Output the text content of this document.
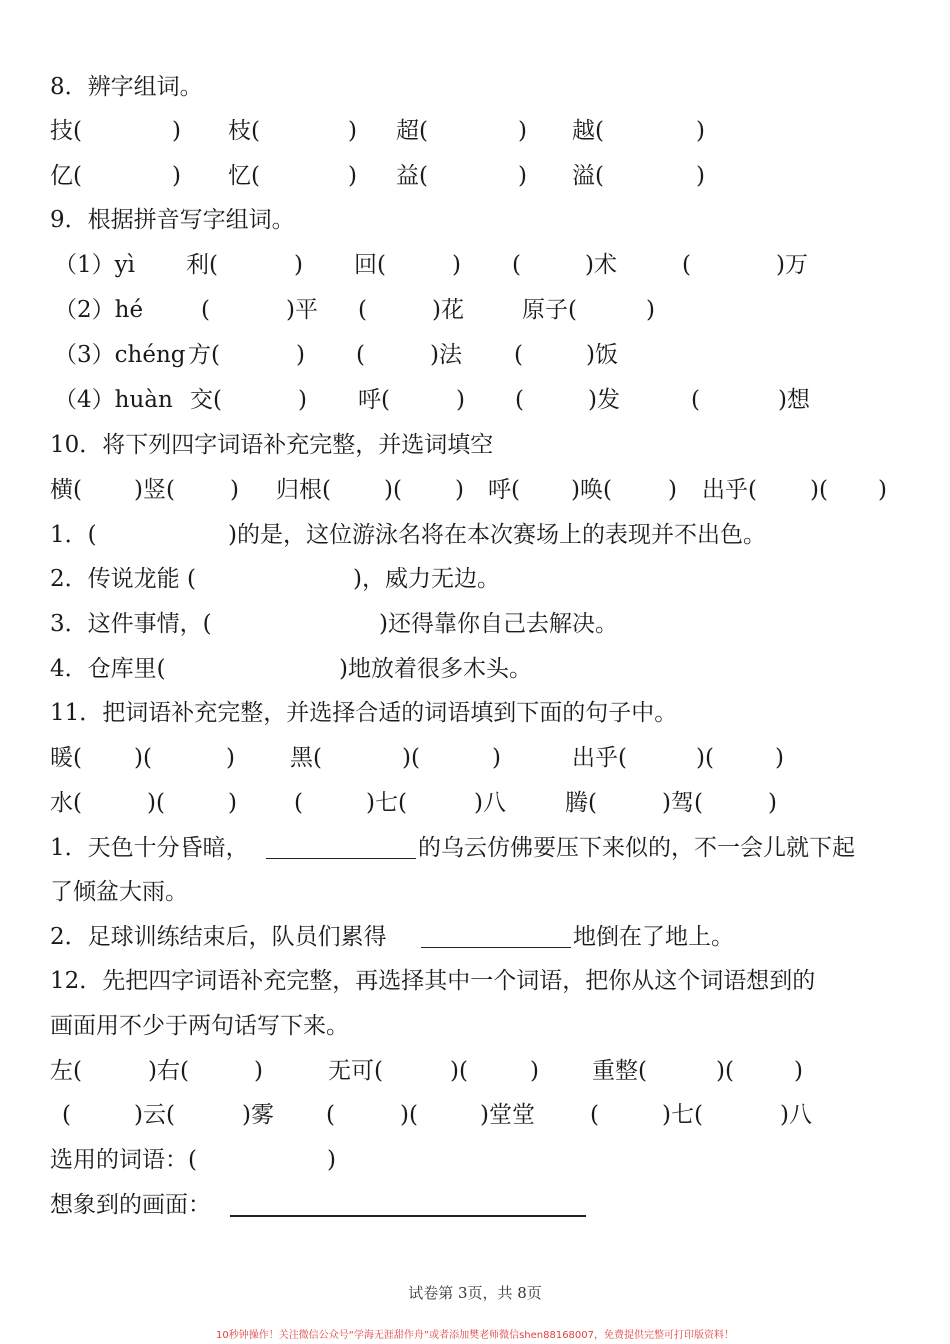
8．辨字组词。
技(	) 枝(	) 超(	) 越(	)
亿(	) 忆(	) 益(	) 溢(	)
9．根据拼音写字组词。
（1）yì 利(	) 回(	) (	)术	(	)万
（2）hé	(	)平 (	)花	原子(	)
（3）chéng 方(	) (	)法 (	)饭
（4）huàn 交(	) 呼(	) (	)发	(	)想
10．将下列四字词语补充完整，并选词填空
横( )竖( ) 归根( )( ) 呼( )唤( ) 出乎( )( )
1．(	)的是，这位游泳名将在本次赛场上的表现并不出色。
2．传说龙能 (	)，威力无边。
3．这件事情，(	)还得靠你自己去解决。
4．仓库里(	)地放着很多木头。
11．把词语补充完整，并选择合适的词语填到下面的句子中。
暖( )(	) 黑(	)(	)	出乎(	)(	)
水(	)(	) (	)七(	)八	腾(	)驾(	)
1．天色十分昏暗，	的乌云仿佛要压下来似的，不一会儿就下起
了倾盆大雨。
2．足球训练结束后，队员们累得	地倒在了地上。
12．先把四字词语补充完整，再选择其中一个词语，把你从这个词语想到的
画面用不少于两句话写下来。
左(	)右(	)	无可(	)(	) 重整(	)(	)
(	)云(	)雾 (	)(	)堂堂 (	)七(	)八
选用的词语：(	)
想象到的画面：
试卷第 3页，共 8页
10秒钟操作！关注微信公众号“学海无涯甜作舟”或者添加樊老师微信shen88168007，免费提供完整可打印版资料！
